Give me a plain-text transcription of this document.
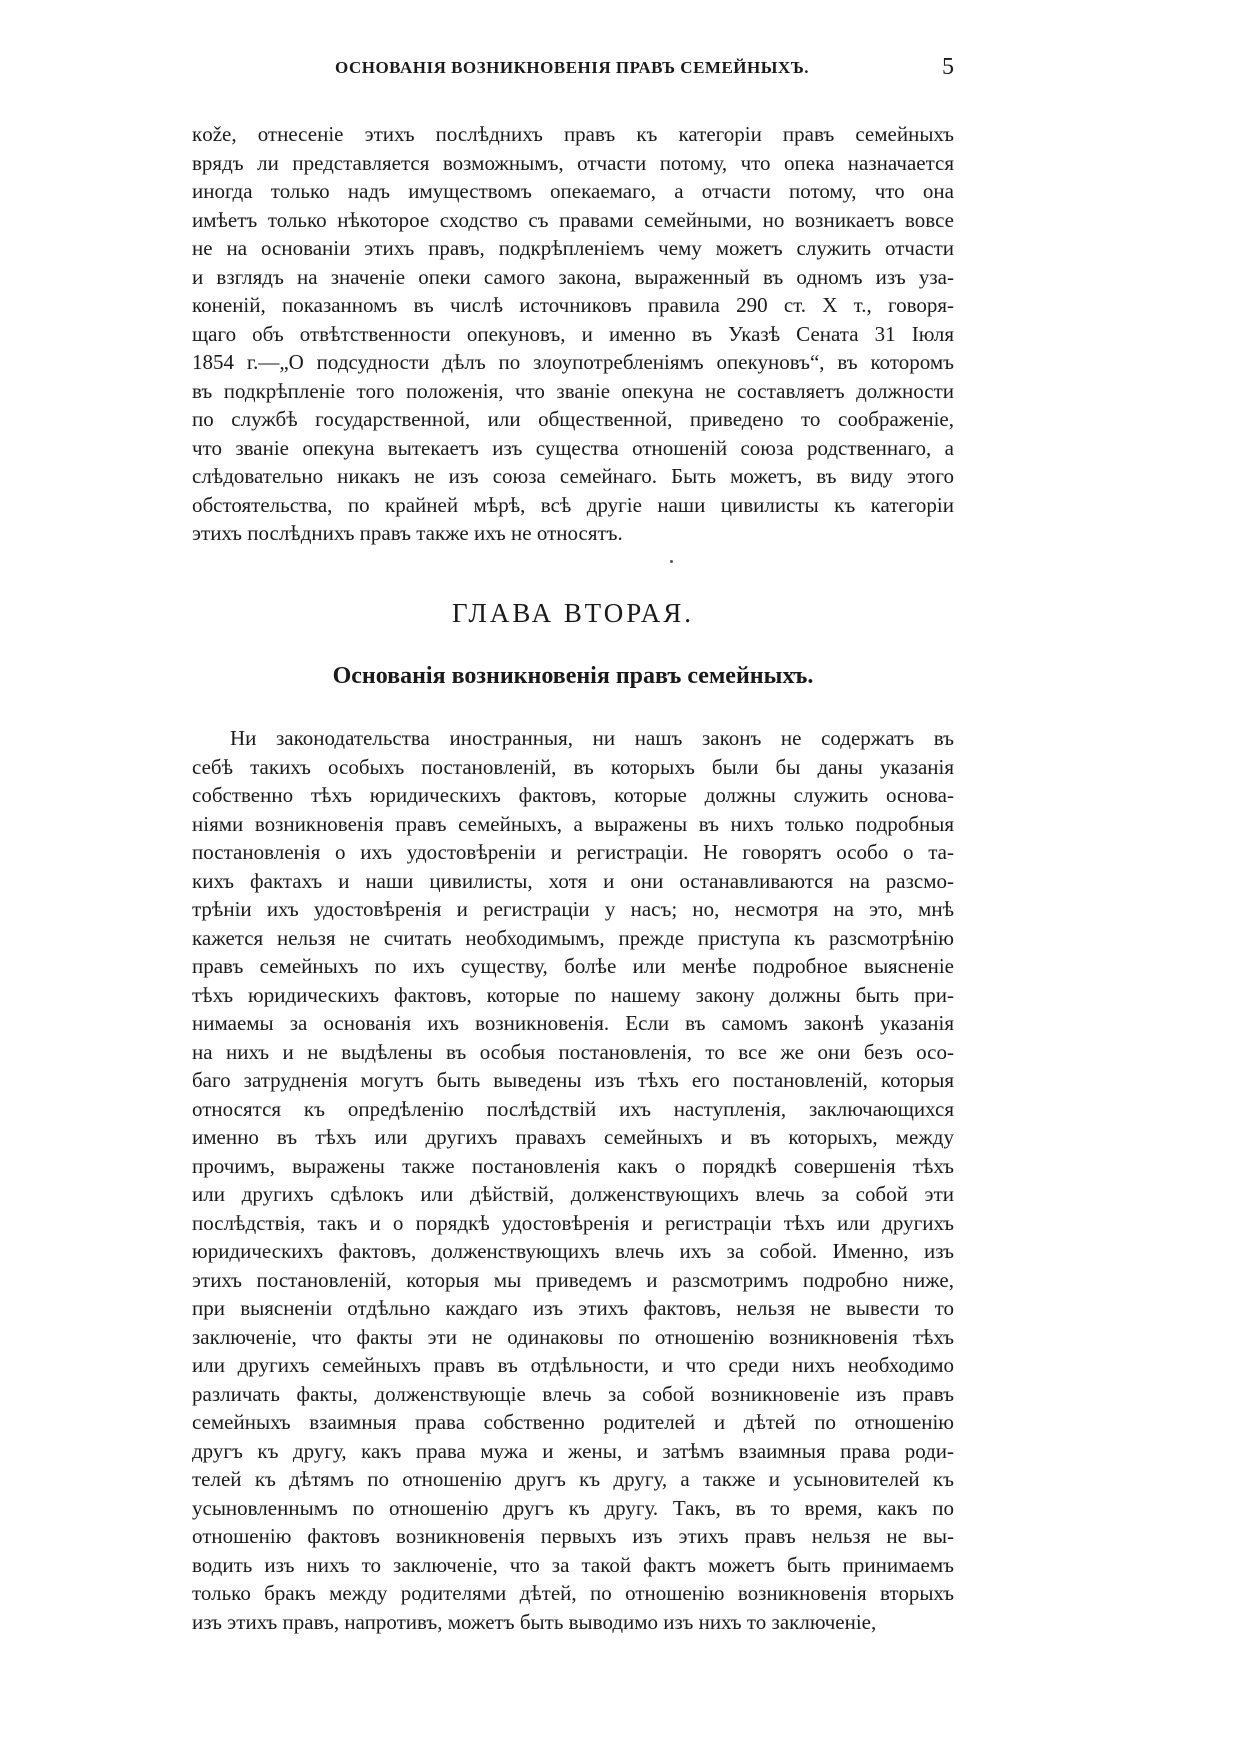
ОСНОВАНІЯ ВОЗНИКНОВЕНІЯ ПРАВЪ СЕМЕЙНЫХЪ.	5
кože, отнесеніе этихъ послѣднихъ правъ къ категоріи правъ семейныхъ
врядъ ли представляется возможнымъ, отчасти потому, что опека назначается
иногда только надъ имуществомъ опекаемаго, а отчасти потому, что она
имѣетъ только нѣкоторое сходство съ правами семейными, но возникаетъ вовсе
не на основаніи этихъ правъ, подкрѣпленіемъ чему можетъ служить отчасти
и взглядъ на значеніе опеки самого закона, выраженный въ одномъ изъ уза-
коненій, показанномъ въ числѣ источниковъ правила 290 ст. X т., говоря-
щаго объ отвѣтственности опекуновъ, и именно въ Указѣ Сената 31 Іюля
1854 г.—„О подсудности дѣлъ по злоупотребленіямъ опекуновъ“, въ которомъ
въ подкрѣпленіе того положенія, что званіе опекуна не составляетъ должности
по службѣ государственной, или общественной, приведено то соображеніе,
что званіе опекуна вытекаетъ изъ существа отношеній союза родственнаго, а
слѣдовательно никакъ не изъ союза семейнаго. Быть можетъ, въ виду этого
обстоятельства, по крайней мѣрѣ, всѣ другіе наши цивилисты къ категоріи
этихъ послѣднихъ правъ также ихъ не относятъ.
ГЛАВА ВТОРАЯ.
Основанія возникновенія правъ семейныхъ.
Ни законодательства иностранныя, ни нашъ законъ не содержатъ въ
себѣ такихъ особыхъ постановленій, въ которыхъ были бы даны указанія
собственно тѣхъ юридическихъ фактовъ, которые должны служить основа-
ніями возникновенія правъ семейныхъ, а выражены въ нихъ только подробныя
постановленія о ихъ удостовѣреніи и регистраціи. Не говорятъ особо о та-
кихъ фактахъ и наши цивилисты, хотя и они останавливаются на разсмо-
трѣніи ихъ удостовѣренія и регистраціи у насъ; но, несмотря на это, мнѣ
кажется нельзя не считать необходимымъ, прежде приступа къ разсмотрѣнію
правъ семейныхъ по ихъ существу, болѣе или менѣе подробное выясненіе
тѣхъ юридическихъ фактовъ, которые по нашему закону должны быть при-
нимаемы за основанія ихъ возникновенія. Если въ самомъ законѣ указанія
на нихъ и не выдѣлены въ особыя постановленія, то все же они безъ осо-
баго затрудненія могутъ быть выведены изъ тѣхъ его постановленій, которыя
относятся къ опредѣленію послѣдствій ихъ наступленія, заключающихся
именно въ тѣхъ или другихъ правахъ семейныхъ и въ которыхъ, между
прочимъ, выражены также постановленія какъ о порядкѣ совершенія тѣхъ
или другихъ сдѣлокъ или дѣйствій, долженствующихъ влечь за собой эти
послѣдствія, такъ и о порядкѣ удостовѣренія и регистраціи тѣхъ или другихъ
юридическихъ фактовъ, долженствующихъ влечь ихъ за собой. Именно, изъ
этихъ постановленій, которыя мы приведемъ и разсмотримъ подробно ниже,
при выясненіи отдѣльно каждаго изъ этихъ фактовъ, нельзя не вывести то
заключеніе, что факты эти не одинаковы по отношенію возникновенія тѣхъ
или другихъ семейныхъ правъ въ отдѣльности, и что среди нихъ необходимо
различать факты, долженствующіе влечь за собой возникновеніе изъ правъ
семейныхъ взаимныя права собственно родителей и дѣтей по отношенію
другъ къ другу, какъ права мужа и жены, и затѣмъ взаимныя права роди-
телей къ дѣтямъ по отношенію другъ къ другу, а также и усыновителей къ
усыновленнымъ по отношенію другъ къ другу. Такъ, въ то время, какъ по
отношенію фактовъ возникновенія первыхъ изъ этихъ правъ нельзя не вы-
водить изъ нихъ то заключеніе, что за такой фактъ можетъ быть принимаемъ
только бракъ между родителями дѣтей, по отношенію возникновенія вторыхъ
изъ этихъ правъ, напротивъ, можетъ быть выводимо изъ нихъ то заключеніе,
